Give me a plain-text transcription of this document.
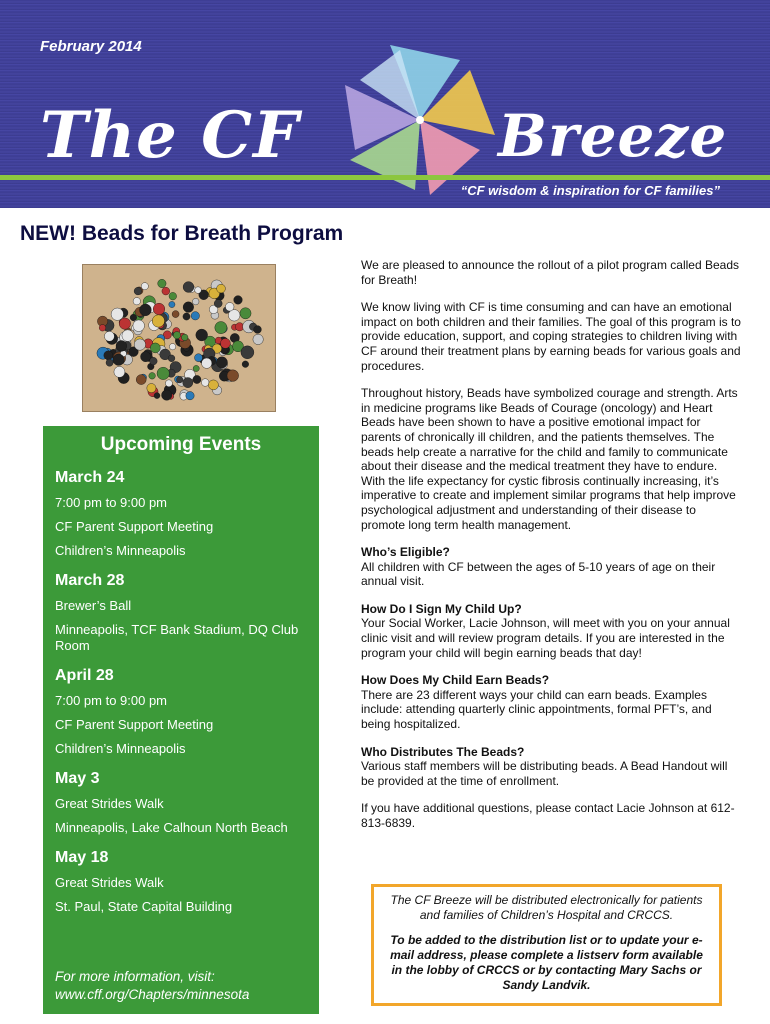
February 2014
The CF	Breeze
“CF wisdom & inspiration for CF families”
NEW! Beads for Breath Program
Upcoming Events
March 24
7:00 pm to 9:00 pm
CF Parent Support Meeting
Children’s Minneapolis
March 28
Brewer’s Ball
Minneapolis, TCF Bank Stadium, DQ Club Room
April 28
7:00 pm to 9:00 pm
CF Parent Support Meeting
Children’s Minneapolis
May 3
Great Strides Walk
Minneapolis, Lake Calhoun North Beach
May 18
Great Strides Walk
St. Paul, State Capital Building
For more information, visit:
www.cff.org/Chapters/minnesota

We are pleased to announce the rollout of a pilot program called Beads for Breath!

We know living with CF is time consuming and can have an emotional impact on both children and their families. The goal of this program is to provide education, support, and coping strategies to children living with CF around their treatment plans by earning beads for various goals and procedures.

Throughout history, Beads have symbolized courage and strength. Arts in medicine programs like Beads of Courage (oncology) and Heart Beads have been shown to have a positive emotional impact for parents of chronically ill children, and the patients themselves. The beads help create a narrative for the child and family to communicate about their disease and the medical treatment they have to endure. With the life expectancy for cystic fibrosis continually increasing, it’s imperative to create and implement similar programs that help improve psychological adjustment and understanding of their disease to promote long term health management.

Who’s Eligible?
All children with CF between the ages of 5-10 years of age on their annual visit.

How Do I Sign My Child Up?
Your Social Worker, Lacie Johnson, will meet with you on your annual clinic visit and will review program details. If you are interested in the program your child will begin earning beads that day!

How Does My Child Earn Beads?
There are 23 different ways your child can earn beads. Examples include: attending quarterly clinic appointments, formal PFT’s, and being hospitalized.

Who Distributes The Beads?
Various staff members will be distributing beads. A Bead Handout will be provided at the time of enrollment.

If you have additional questions, please contact Lacie Johnson at 612-813-6839.

The CF Breeze will be distributed electronically for patients and families of Children’s Hospital and CRCCS.
To be added to the distribution list or to update your e-mail address, please complete a listserv form available in the lobby of CRCCS or by contacting Mary Sachs or Sandy Landvik.
